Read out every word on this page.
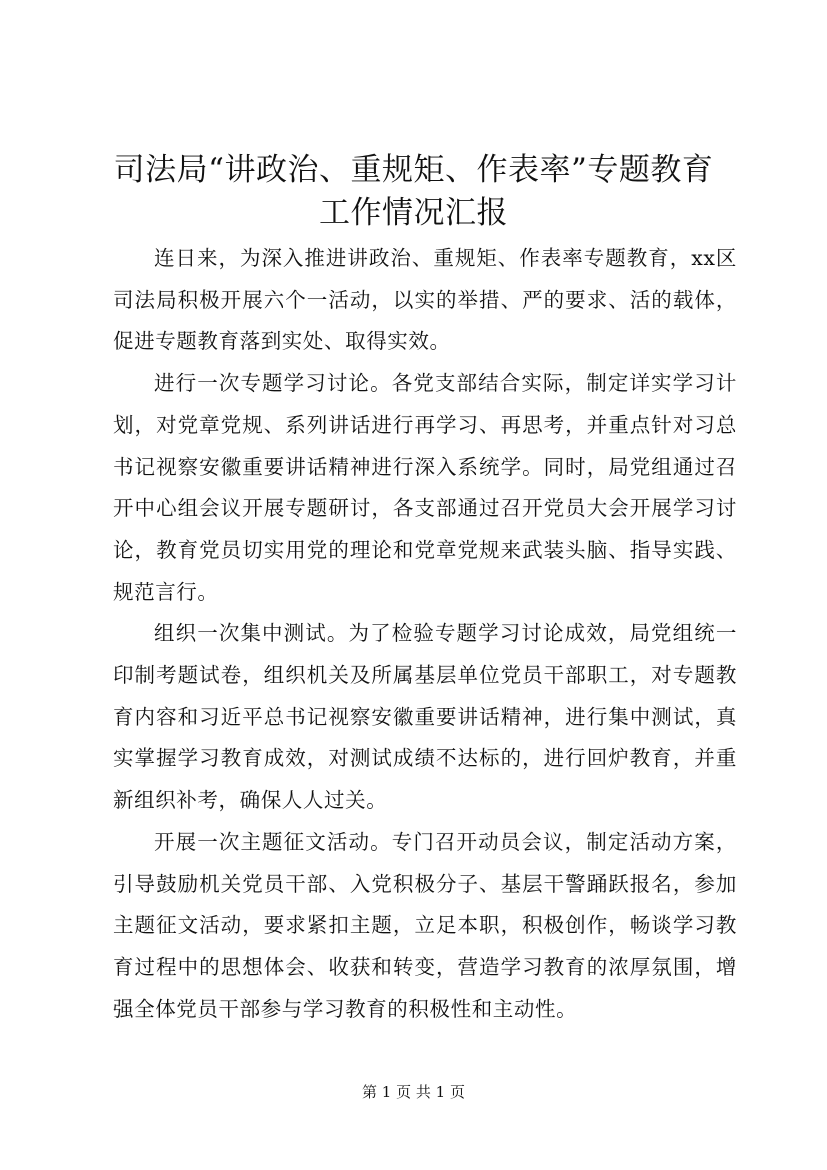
司法局“讲政治、重规矩、作表率”专题教育
工作情况汇报

连日来，为深入推进讲政治、重规矩、作表率专题教育，xx区司法局积极开展六个一活动，以实的举措、严的要求、活的载体，促进专题教育落到实处、取得实效。

进行一次专题学习讨论。各党支部结合实际，制定详实学习计划，对党章党规、系列讲话进行再学习、再思考，并重点针对习总书记视察安徽重要讲话精神进行深入系统学。同时，局党组通过召开中心组会议开展专题研讨，各支部通过召开党员大会开展学习讨论，教育党员切实用党的理论和党章党规来武装头脑、指导实践、规范言行。

组织一次集中测试。为了检验专题学习讨论成效，局党组统一印制考题试卷，组织机关及所属基层单位党员干部职工，对专题教育内容和习近平总书记视察安徽重要讲话精神，进行集中测试，真实掌握学习教育成效，对测试成绩不达标的，进行回炉教育，并重新组织补考，确保人人过关。

开展一次主题征文活动。专门召开动员会议，制定活动方案，引导鼓励机关党员干部、入党积极分子、基层干警踊跃报名，参加主题征文活动，要求紧扣主题，立足本职，积极创作，畅谈学习教育过程中的思想体会、收获和转变，营造学习教育的浓厚氛围，增强全体党员干部参与学习教育的积极性和主动性。

第 1 页 共 1 页
